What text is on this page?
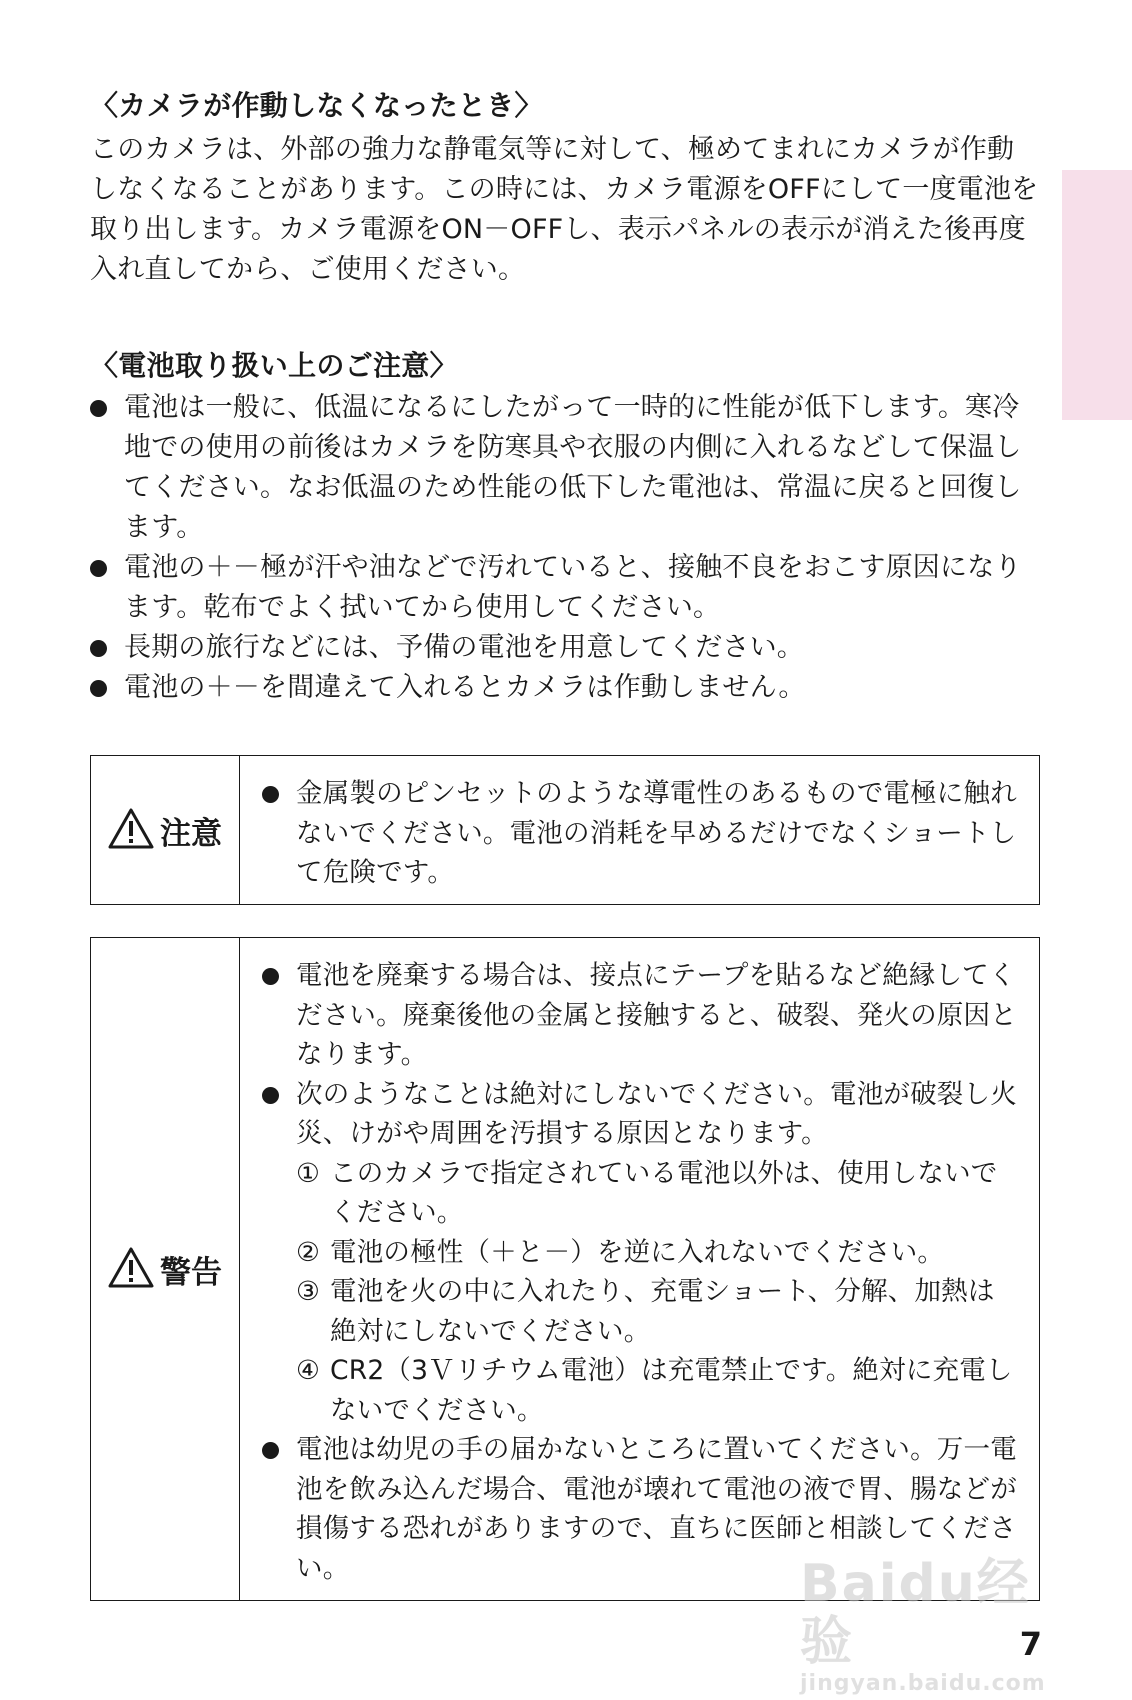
〈カメラが作動しなくなったとき〉

このカメラは、外部の強力な静電気等に対して、極めてまれにカメラが作動しなくなることがあります。この時には、カメラ電源をOFFにして一度電池を取り出します。カメラ電源をON－OFFし、表示パネルの表示が消えた後再度入れ直してから、ご使用ください。

〈電池取り扱い上のご注意〉
電池は一般に、低温になるにしたがって一時的に性能が低下します。寒冷地での使用の前後はカメラを防寒具や衣服の内側に入れるなどして保温してください。なお低温のため性能の低下した電池は、常温に戻ると回復します。
電池の＋－極が汗や油などで汚れていると、接触不良をおこす原因になります。乾布でよく拭いてから使用してください。
長期の旅行などには、予備の電池を用意してください。
電池の＋－を間違えて入れるとカメラは作動しません。
注意
金属製のピンセットのような導電性のあるもので電極に触れないでください。電池の消耗を早めるだけでなくショートして危険です。
警告
電池を廃棄する場合は、接点にテープを貼るなど絶縁してください。廃棄後他の金属と接触すると、破裂、発火の原因となります。
次のようなことは絶対にしないでください。電池が破裂し火災、けがや周囲を汚損する原因となります。
① このカメラで指定されている電池以外は、使用しないでください。
② 電池の極性（＋と－）を逆に入れないでください。
③ 電池を火の中に入れたり、充電ショート、分解、加熱は絶対にしないでください。
④ CR2（3Ｖリチウム電池）は充電禁止です。絶対に充電しないでください。
電池は幼児の手の届かないところに置いてください。万一電池を飲み込んだ場合、電池が壊れて電池の液で胃、腸などが損傷する恐れがありますので、直ちに医師と相談してください。	Baidu经验
jingyan.baidu.com
7
